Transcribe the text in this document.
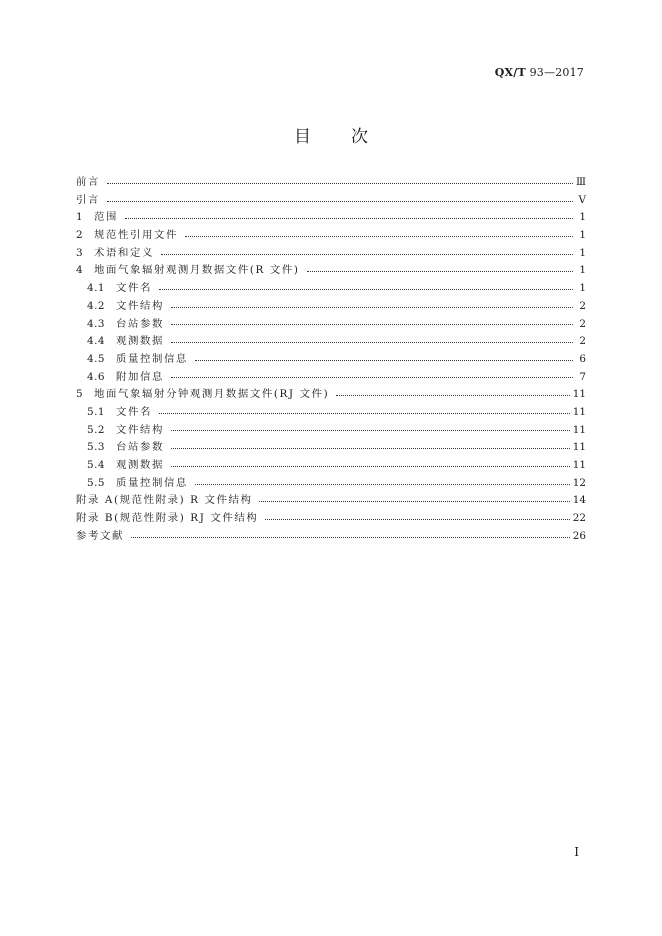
QX/T 93—2017
目次
前言	Ⅲ
引言	Ⅴ
1	范围	1
2	规范性引用文件	1
3	术语和定义	1
4	地面气象辐射观测月数据文件(R 文件)	1
4.1	文件名	1
4.2	文件结构	2
4.3	台站参数	2
4.4	观测数据	2
4.5	质量控制信息	6
4.6	附加信息	7
5	地面气象辐射分钟观测月数据文件(RJ 文件)	11
5.1	文件名	11
5.2	文件结构	11
5.3	台站参数	11
5.4	观测数据	11
5.5	质量控制信息	12
附录 A(规范性附录) R 文件结构	14
附录 B(规范性附录) RJ 文件结构	22
参考文献	26
Ⅰ
